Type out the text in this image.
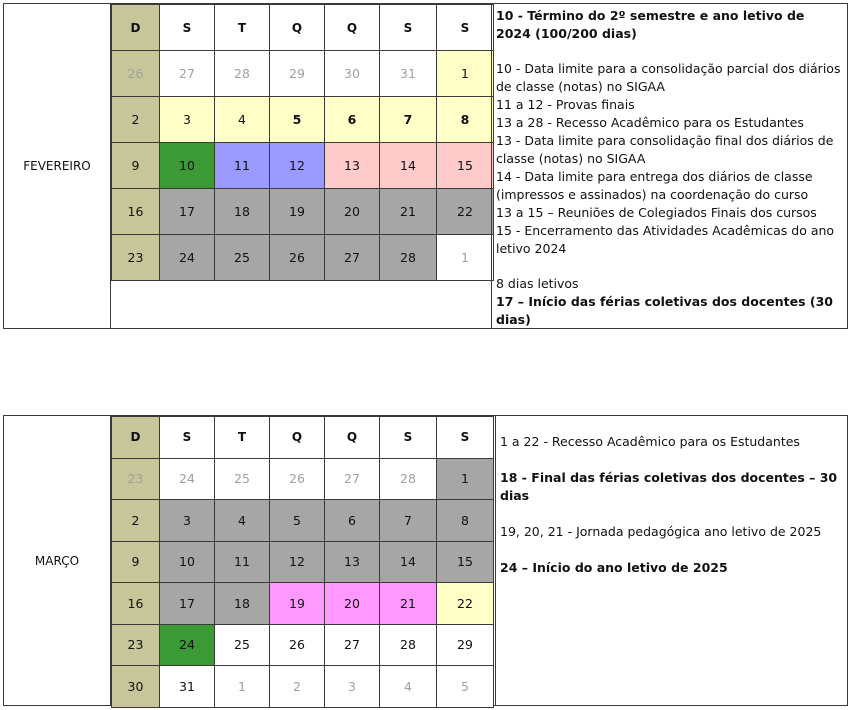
FEVEREIRO
D	S	T	Q	Q	S	S
26	27	28	29	30	31	1
2	3	4	5	6	7	8
9	10	11	12	13	14	15
16	17	18	19	20	21	22
23	24	25	26	27	28	1

10 - Término do 2º semestre e ano letivo de 2024 (100/200 dias)

10 - Data limite para a consolidação parcial dos diários de classe (notas) no SIGAA

11 a 12 - Provas finais

13 a 28 - Recesso Acadêmico para os Estudantes

13 - Data limite para consolidação final dos diários de classe (notas) no SIGAA

14 - Data limite para entrega dos diários de classe (impressos e assinados) na coordenação do curso

13 a 15 – Reuniões de Colegiados Finais dos cursos

15 - Encerramento das Atividades Acadêmicas do ano letivo 2024

8 dias letivos

17 – Início das férias coletivas dos docentes (30 dias)

MARÇO
D	S	T	Q	Q	S	S
23	24	25	26	27	28	1
2	3	4	5	6	7	8
9	10	11	12	13	14	15
16	17	18	19	20	21	22
23	24	25	26	27	28	29
30	31	1	2	3	4	5

1 a 22 - Recesso Acadêmico para os Estudantes

18 - Final das férias coletivas dos docentes – 30 dias

19, 20, 21 - Jornada pedagógica ano letivo de 2025

24 – Início do ano letivo de 2025
